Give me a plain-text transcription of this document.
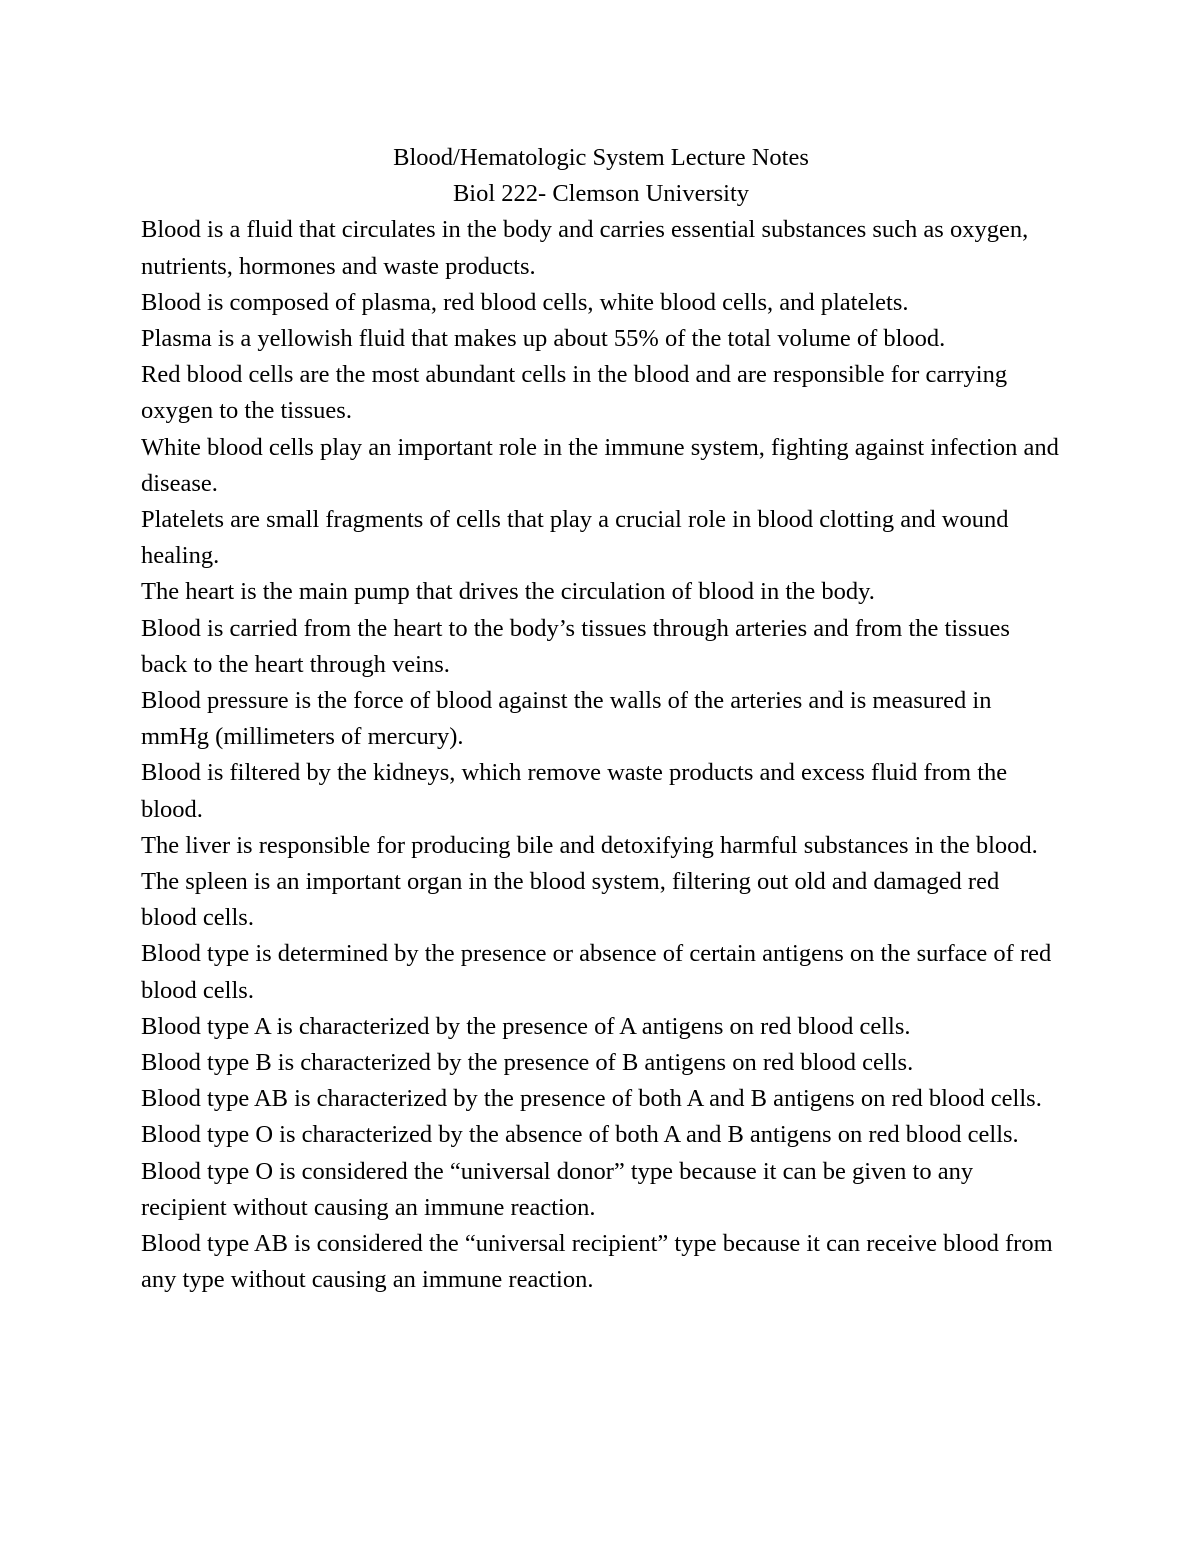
Blood/Hematologic System Lecture Notes

Biol 222- Clemson University

Blood is a fluid that circulates in the body and carries essential substances such as oxygen, nutrients, hormones and waste products.

Blood is composed of plasma, red blood cells, white blood cells, and platelets.

Plasma is a yellowish fluid that makes up about 55% of the total volume of blood.

Red blood cells are the most abundant cells in the blood and are responsible for carrying oxygen to the tissues.

White blood cells play an important role in the immune system, fighting against infection and disease.

Platelets are small fragments of cells that play a crucial role in blood clotting and wound healing.

The heart is the main pump that drives the circulation of blood in the body.

Blood is carried from the heart to the body’s tissues through arteries and from the tissues back to the heart through veins.

Blood pressure is the force of blood against the walls of the arteries and is measured in mmHg (millimeters of mercury).

Blood is filtered by the kidneys, which remove waste products and excess fluid from the blood.

The liver is responsible for producing bile and detoxifying harmful substances in the blood.

The spleen is an important organ in the blood system, filtering out old and damaged red blood cells.

Blood type is determined by the presence or absence of certain antigens on the surface of red blood cells.

Blood type A is characterized by the presence of A antigens on red blood cells.

Blood type B is characterized by the presence of B antigens on red blood cells.

Blood type AB is characterized by the presence of both A and B antigens on red blood cells.

Blood type O is characterized by the absence of both A and B antigens on red blood cells.

Blood type O is considered the “universal donor” type because it can be given to any recipient without causing an immune reaction.

Blood type AB is considered the “universal recipient” type because it can receive blood from any type without causing an immune reaction.
